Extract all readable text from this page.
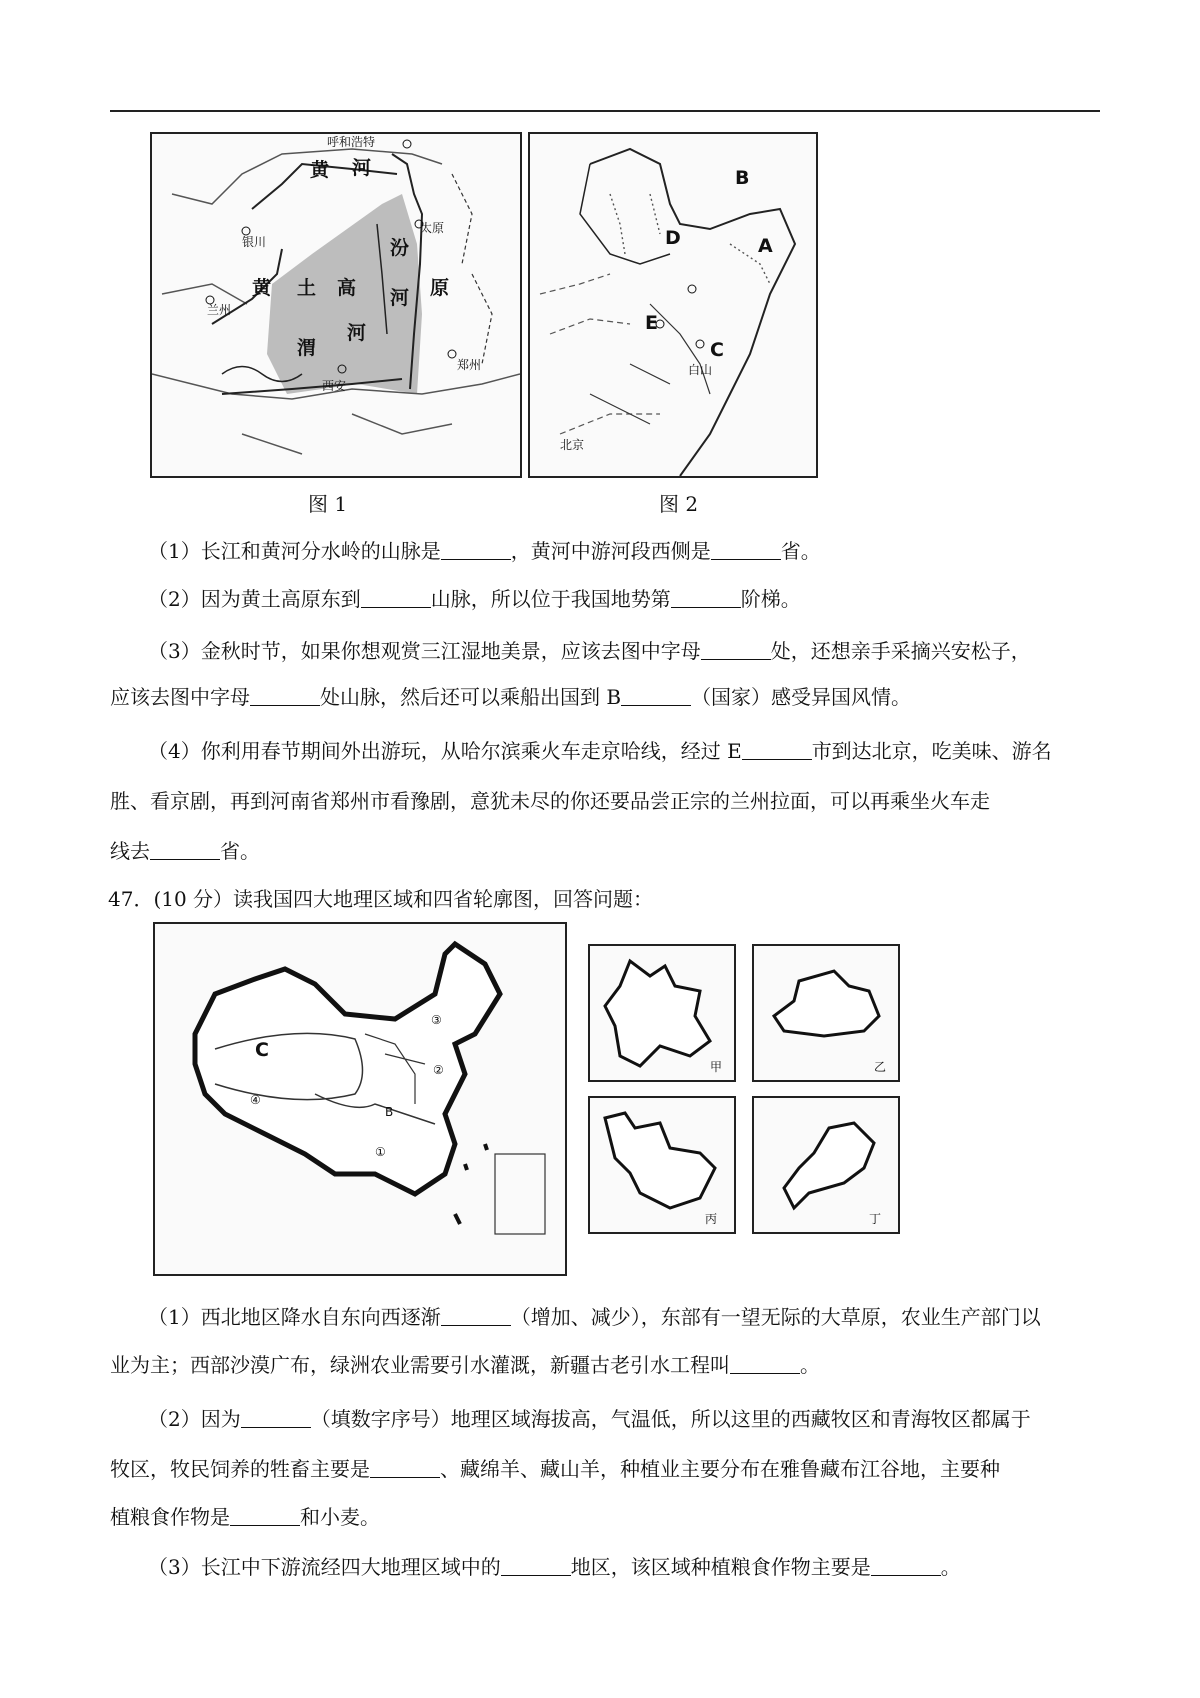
呼和浩特
黄 河
银川
太原
兰州
黄 土 高	原
汾
河
渭
河
西安
郑州
图 1
B
D	A
E
C
白山
北京
图 2
（1）长江和黄河分水岭的山脉是	，黄河中游河段西侧是	省。
（2）因为黄土高原东到	山脉，所以位于我国地势第	阶梯。
（3）金秋时节，如果你想观赏三江湿地美景，应该去图中字母	处，还想亲手采摘兴安松子，
应该去图中字母	处山脉，然后还可以乘船出国到 B	（国家）感受异国风情。
（4）你利用春节期间外出游玩，从哈尔滨乘火车走京哈线，经过 E	市到达北京，吃美味、游名
胜、看京剧，再到河南省郑州市看豫剧，意犹未尽的你还要品尝正宗的兰州拉面，可以再乘坐火车走
线去	省。
47．(10 分）读我国四大地理区域和四省轮廓图，回答问题：
C
B
④
③
②
①
甲	乙
丙	丁
（1）西北地区降水自东向西逐渐	（增加、减少），东部有一望无际的大草原，农业生产部门以
业为主；西部沙漠广布，绿洲农业需要引水灌溉，新疆古老引水工程叫	。
（2）因为	（填数字序号）地理区域海拔高，气温低，所以这里的西藏牧区和青海牧区都属于
牧区，牧民饲养的牲畜主要是	、藏绵羊、藏山羊，种植业主要分布在雅鲁藏布江谷地，主要种
植粮食作物是	和小麦。
（3）长江中下游流经四大地理区域中的	地区，该区域种植粮食作物主要是	。
